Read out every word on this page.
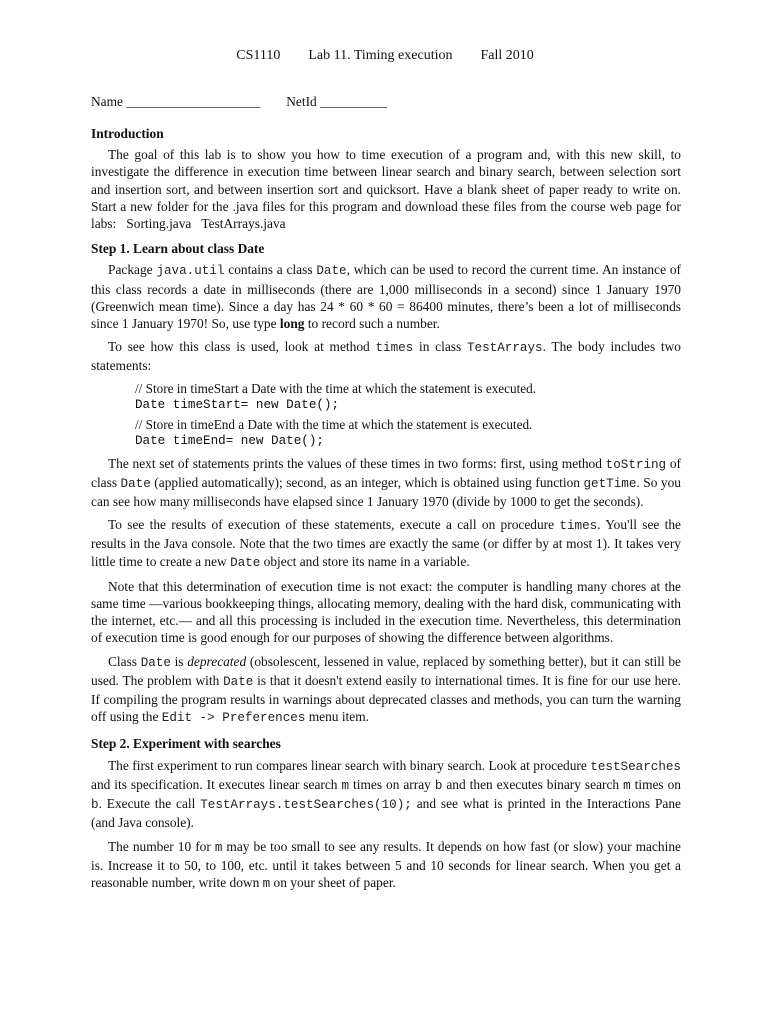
CS1110 Lab 11. Timing execution Fall 2010
Name ____________________ NetId __________
Introduction

The goal of this lab is to show you how to time execution of a program and, with this new skill, to investigate the difference in execution time between linear search and binary search, between selection sort and insertion sort, and between insertion sort and quicksort. Have a blank sheet of paper ready to write on. Start a new folder for the .java files for this program and download these files from the course web page for labs: Sorting.java TestArrays.java

Step 1. Learn about class Date

Package java.util contains a class Date, which can be used to record the current time. An instance of this class records a date in milliseconds (there are 1,000 milliseconds in a second) since 1 January 1970 (Greenwich mean time). Since a day has 24 * 60 * 60 = 86400 minutes, there’s been a lot of milliseconds since 1 January 1970! So, use type long to record such a number.

To see how this class is used, look at method times in class TestArrays. The body includes two statements:

// Store in timeStart a Date with the time at which the statement is executed.
Date timeStart= new Date();
// Store in timeEnd a Date with the time at which the statement is executed.
Date timeEnd= new Date();

The next set of statements prints the values of these times in two forms: first, using method toString of class Date (applied automatically); second, as an integer, which is obtained using function getTime. So you can see how many milliseconds have elapsed since 1 January 1970 (divide by 1000 to get the seconds).

To see the results of execution of these statements, execute a call on procedure times. You'll see the results in the Java console. Note that the two times are exactly the same (or differ by at most 1). It takes very little time to create a new Date object and store its name in a variable.

Note that this determination of execution time is not exact: the computer is handling many chores at the same time —various bookkeeping things, allocating memory, dealing with the hard disk, communicating with the internet, etc.— and all this processing is included in the execution time. Nevertheless, this determination of execution time is good enough for our purposes of showing the difference between algorithms.

Class Date is deprecated (obsolescent, lessened in value, replaced by something better), but it can still be used. The problem with Date is that it doesn't extend easily to international times. It is fine for our use here. If compiling the program results in warnings about deprecated classes and methods, you can turn the warning off using the Edit -> Preferences menu item.

Step 2. Experiment with searches

The first experiment to run compares linear search with binary search. Look at procedure testSearches and its specification. It executes linear search m times on array b and then executes binary search m times on b. Execute the call TestArrays.testSearches(10); and see what is printed in the Interactions Pane (and Java console).

The number 10 for m may be too small to see any results. It depends on how fast (or slow) your machine is. Increase it to 50, to 100, etc. until it takes between 5 and 10 seconds for linear search. When you get a reasonable number, write down m on your sheet of paper.
